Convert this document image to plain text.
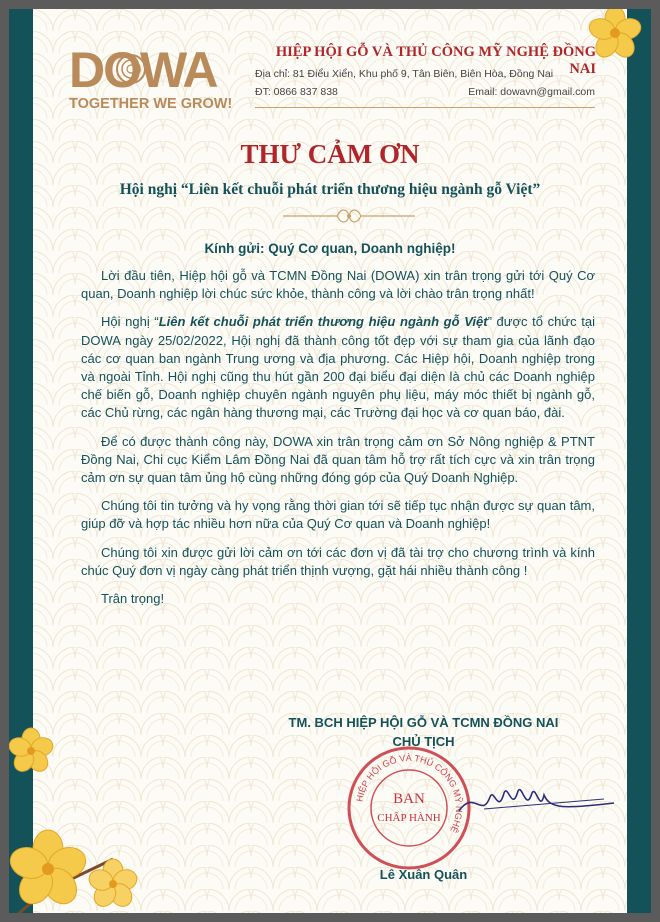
DOWA
TOGETHER WE GROW!
HIỆP HỘI GỖ VÀ THỦ CÔNG MỸ NGHỆ ĐỒNG NAI
Địa chỉ: 81 Điểu Xiển, Khu phố 9, Tân Biên, Biên Hòa, Đồng Nai
ĐT: 0866 837 838	Email: dowavn@gmail.com
THƯ CẢM ƠN
Hội nghị “Liên kết chuỗi phát triển thương hiệu ngành gỗ Việt”
Kính gửi: Quý Cơ quan, Doanh nghiệp!

Lời đầu tiên, Hiệp hội gỗ và TCMN Đồng Nai (DOWA) xin trân trọng gửi tới Quý Cơ quan, Doanh nghiệp lời chúc sức khỏe, thành công và lời chào trân trọng nhất!

Hội nghị “Liên kết chuỗi phát triển thương hiệu ngành gỗ Việt” được tổ chức tại DOWA ngày 25/02/2022, Hội nghị đã thành công tốt đẹp với sự tham gia của lãnh đạo các cơ quan ban ngành Trung ương và địa phương. Các Hiệp hội, Doanh nghiệp trong và ngoài Tỉnh. Hội nghị cũng thu hút gần 200 đại biểu đại diện là chủ các Doanh nghiệp chế biến gỗ, Doanh nghiệp chuyên ngành nguyên phụ liệu, máy móc thiết bị ngành gỗ, các Chủ rừng, các ngân hàng thương mại, các Trường đại học và cơ quan báo, đài.

Để có được thành công này, DOWA xin trân trọng cảm ơn Sở Nông nghiệp & PTNT Đồng Nai, Chi cục Kiểm Lâm Đồng Nai đã quan tâm hỗ trợ rất tích cực và xin trân trọng cảm ơn sự quan tâm ủng hộ cùng những đóng góp của Quý Doanh Nghiệp.

Chúng tôi tin tưởng và hy vọng rằng thời gian tới sẽ tiếp tục nhận được sự quan tâm, giúp đỡ và hợp tác nhiều hơn nữa của Quý Cơ quan và Doanh nghiệp!

Chúng tôi xin được gửi lời cảm ơn tới các đơn vị đã tài trợ cho chương trình và kính chúc Quý đơn vị ngày càng phát triển thịnh vượng, gặt hái nhiều thành công !

Trân trọng!

TM. BCH HIỆP HỘI GỖ VÀ TCMN ĐỒNG NAI
CHỦ TỊCH
HIỆP HỘI GỖ VÀ THỦ CÔNG MỸ NGHỆ
BAN
CHẤP HÀNH
Lê Xuân Quân
